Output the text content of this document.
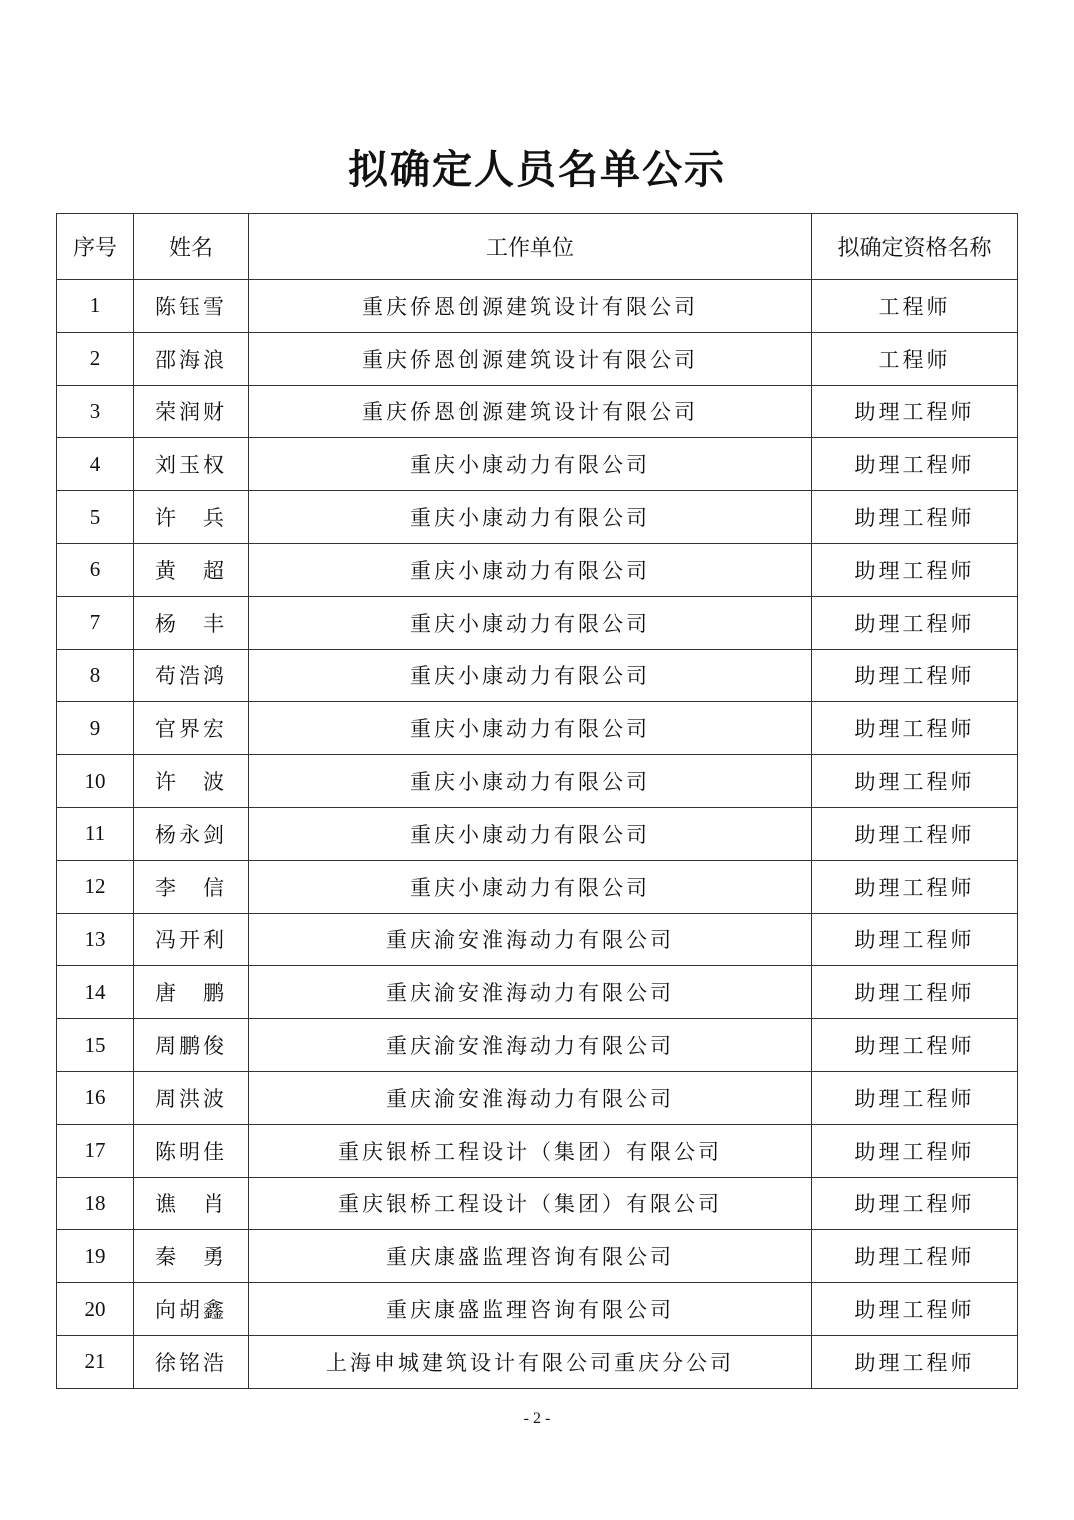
拟确定人员名单公示
序号	姓名	工作单位	拟确定资格名称
1	陈钰雪	重庆侨恩创源建筑设计有限公司	工程师
2	邵海浪	重庆侨恩创源建筑设计有限公司	工程师
3	荣润财	重庆侨恩创源建筑设计有限公司	助理工程师
4	刘玉权	重庆小康动力有限公司	助理工程师
5	许　兵	重庆小康动力有限公司	助理工程师
6	黄　超	重庆小康动力有限公司	助理工程师
7	杨　丰	重庆小康动力有限公司	助理工程师
8	苟浩鸿	重庆小康动力有限公司	助理工程师
9	官界宏	重庆小康动力有限公司	助理工程师
10	许　波	重庆小康动力有限公司	助理工程师
11	杨永剑	重庆小康动力有限公司	助理工程师
12	李　信	重庆小康动力有限公司	助理工程师
13	冯开利	重庆渝安淮海动力有限公司	助理工程师
14	唐　鹏	重庆渝安淮海动力有限公司	助理工程师
15	周鹏俊	重庆渝安淮海动力有限公司	助理工程师
16	周洪波	重庆渝安淮海动力有限公司	助理工程师
17	陈明佳	重庆银桥工程设计（集团）有限公司	助理工程师
18	谯　肖	重庆银桥工程设计（集团）有限公司	助理工程师
19	秦　勇	重庆康盛监理咨询有限公司	助理工程师
20	向胡鑫	重庆康盛监理咨询有限公司	助理工程师
21	徐铭浩	上海申城建筑设计有限公司重庆分公司	助理工程师
- 2 -
